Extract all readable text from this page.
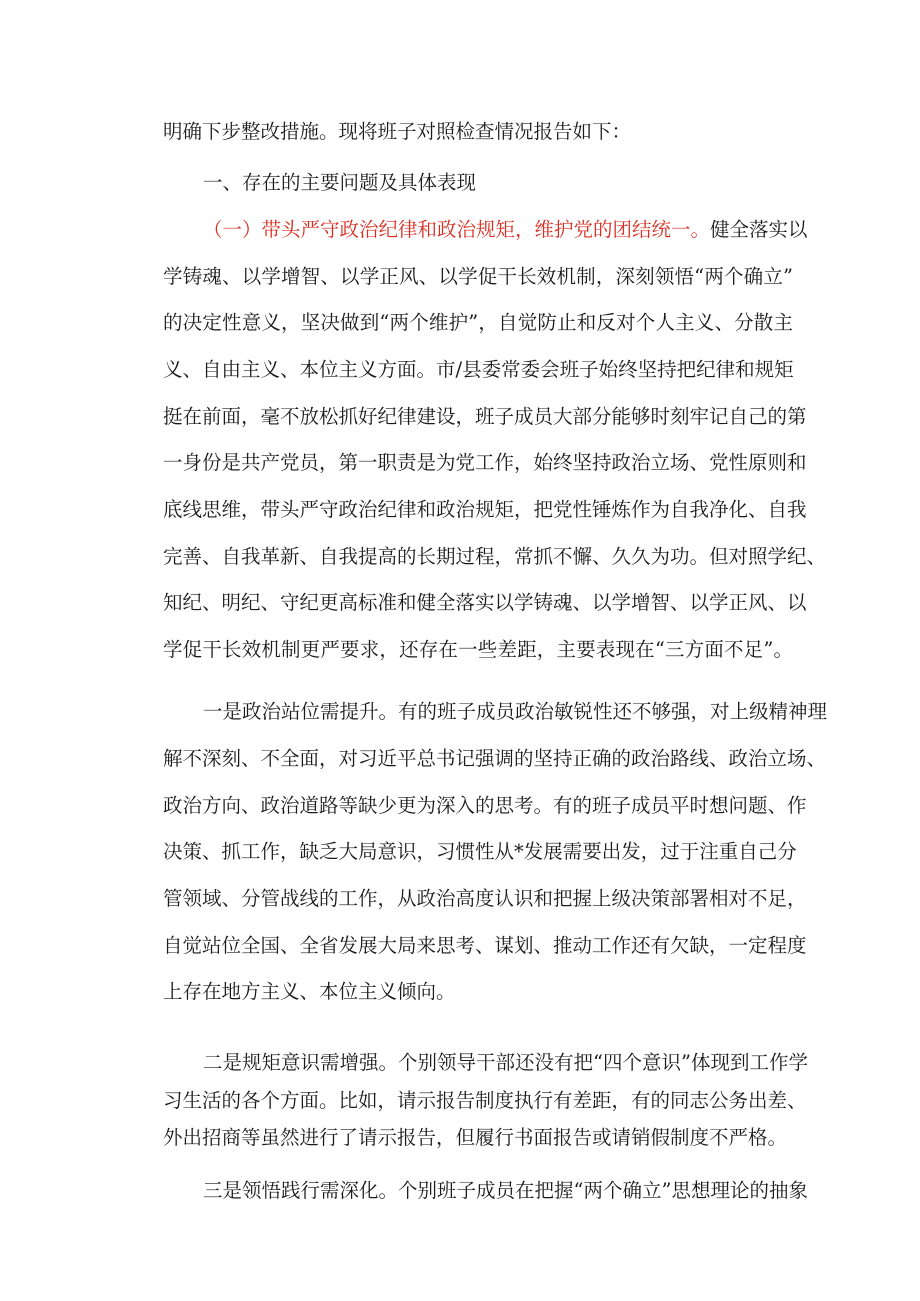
明确下步整改措施。现将班子对照检查情况报告如下：
一、存在的主要问题及具体表现
（一）带头严守政治纪律和政治规矩，维护党的团结统一。健全落实以
学铸魂、以学增智、以学正风、以学促干长效机制，深刻领悟“两个确立”
的决定性意义，坚决做到“两个维护”，自觉防止和反对个人主义、分散主
义、自由主义、本位主义方面。市/县委常委会班子始终坚持把纪律和规矩
挺在前面，毫不放松抓好纪律建设，班子成员大部分能够时刻牢记自己的第
一身份是共产党员，第一职责是为党工作，始终坚持政治立场、党性原则和
底线思维，带头严守政治纪律和政治规矩，把党性锤炼作为自我净化、自我
完善、自我革新、自我提高的长期过程，常抓不懈、久久为功。但对照学纪、
知纪、明纪、守纪更高标准和健全落实以学铸魂、以学增智、以学正风、以
学促干长效机制更严要求，还存在一些差距，主要表现在“三方面不足”。
一是政治站位需提升。有的班子成员政治敏锐性还不够强，对上级精神理
解不深刻、不全面，对习近平总书记强调的坚持正确的政治路线、政治立场、
政治方向、政治道路等缺少更为深入的思考。有的班子成员平时想问题、作
决策、抓工作，缺乏大局意识，习惯性从*发展需要出发，过于注重自己分
管领域、分管战线的工作，从政治高度认识和把握上级决策部署相对不足，
自觉站位全国、全省发展大局来思考、谋划、推动工作还有欠缺，一定程度
上存在地方主义、本位主义倾向。
二是规矩意识需增强。个别领导干部还没有把“四个意识”体现到工作学
习生活的各个方面。比如，请示报告制度执行有差距，有的同志公务出差、
外出招商等虽然进行了请示报告，但履行书面报告或请销假制度不严格。
三是领悟践行需深化。个别班子成员在把握“两个确立”思想理论的抽象
